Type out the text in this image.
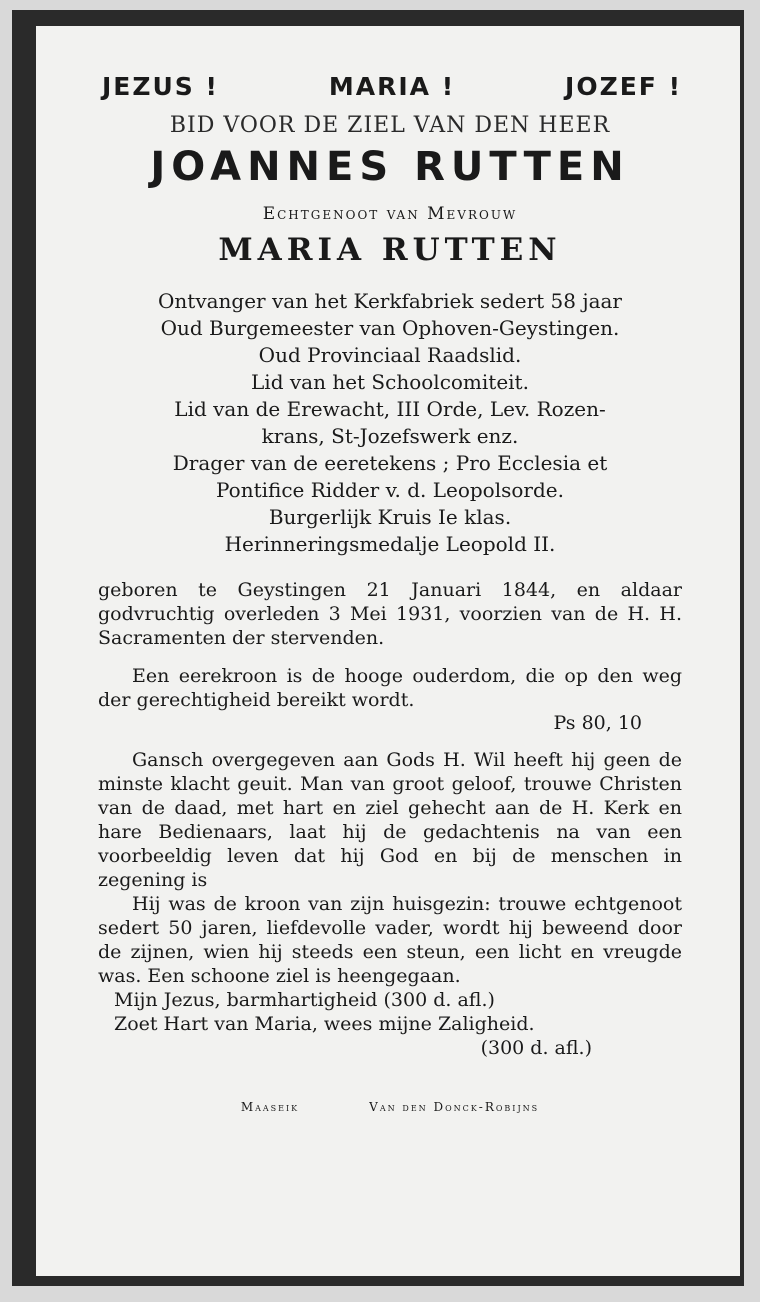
JEZUS !	MARIA !	JOZEF !
BID VOOR DE ZIEL VAN DEN HEER
JOANNES RUTTEN
Echtgenoot van Mevrouw
MARIA RUTTEN

Ontvanger van het Kerkfabriek sedert 58 jaar

Oud Burgemeester van Ophoven-Geystingen.

Oud Provinciaal Raadslid.

Lid van het Schoolcomiteit.

Lid van de Erewacht, III Orde, Lev. Rozen-

krans, St-Jozefswerk enz.

Drager van de eeretekens ; Pro Ecclesia et

Pontifice Ridder v. d. Leopolsorde.

Burgerlijk Kruis Ie klas.

Herinneringsmedalje Leopold II.

geboren te Geystingen 21 Januari 1844, en aldaar godvruchtig overleden 3 Mei 1931, voorzien van de H. H. Sacramenten der stervenden.

Een eerekroon is de hooge ouderdom, die op den weg der gerechtigheid bereikt wordt.

Ps 80, 10

Gansch overgegeven aan Gods H. Wil heeft hij geen de minste klacht geuit. Man van groot geloof, trouwe Christen van de daad, met hart en ziel gehecht aan de H. Kerk en hare Bedienaars, laat hij de gedachtenis na van een voorbeeldig leven dat hij God en bij de menschen in zegening is

Hij was de kroon van zijn huisgezin: trouwe echtgenoot sedert 50 jaren, liefdevolle vader, wordt hij beweend door de zijnen, wien hij steeds een steun, een licht en vreugde was. Een schoone ziel is heengegaan.

Mijn Jezus, barmhartigheid (300 d. afl.)

Zoet Hart van Maria, wees mijne Zaligheid.

(300 d. afl.)

Maaseik	Van den Donck-Robijns
